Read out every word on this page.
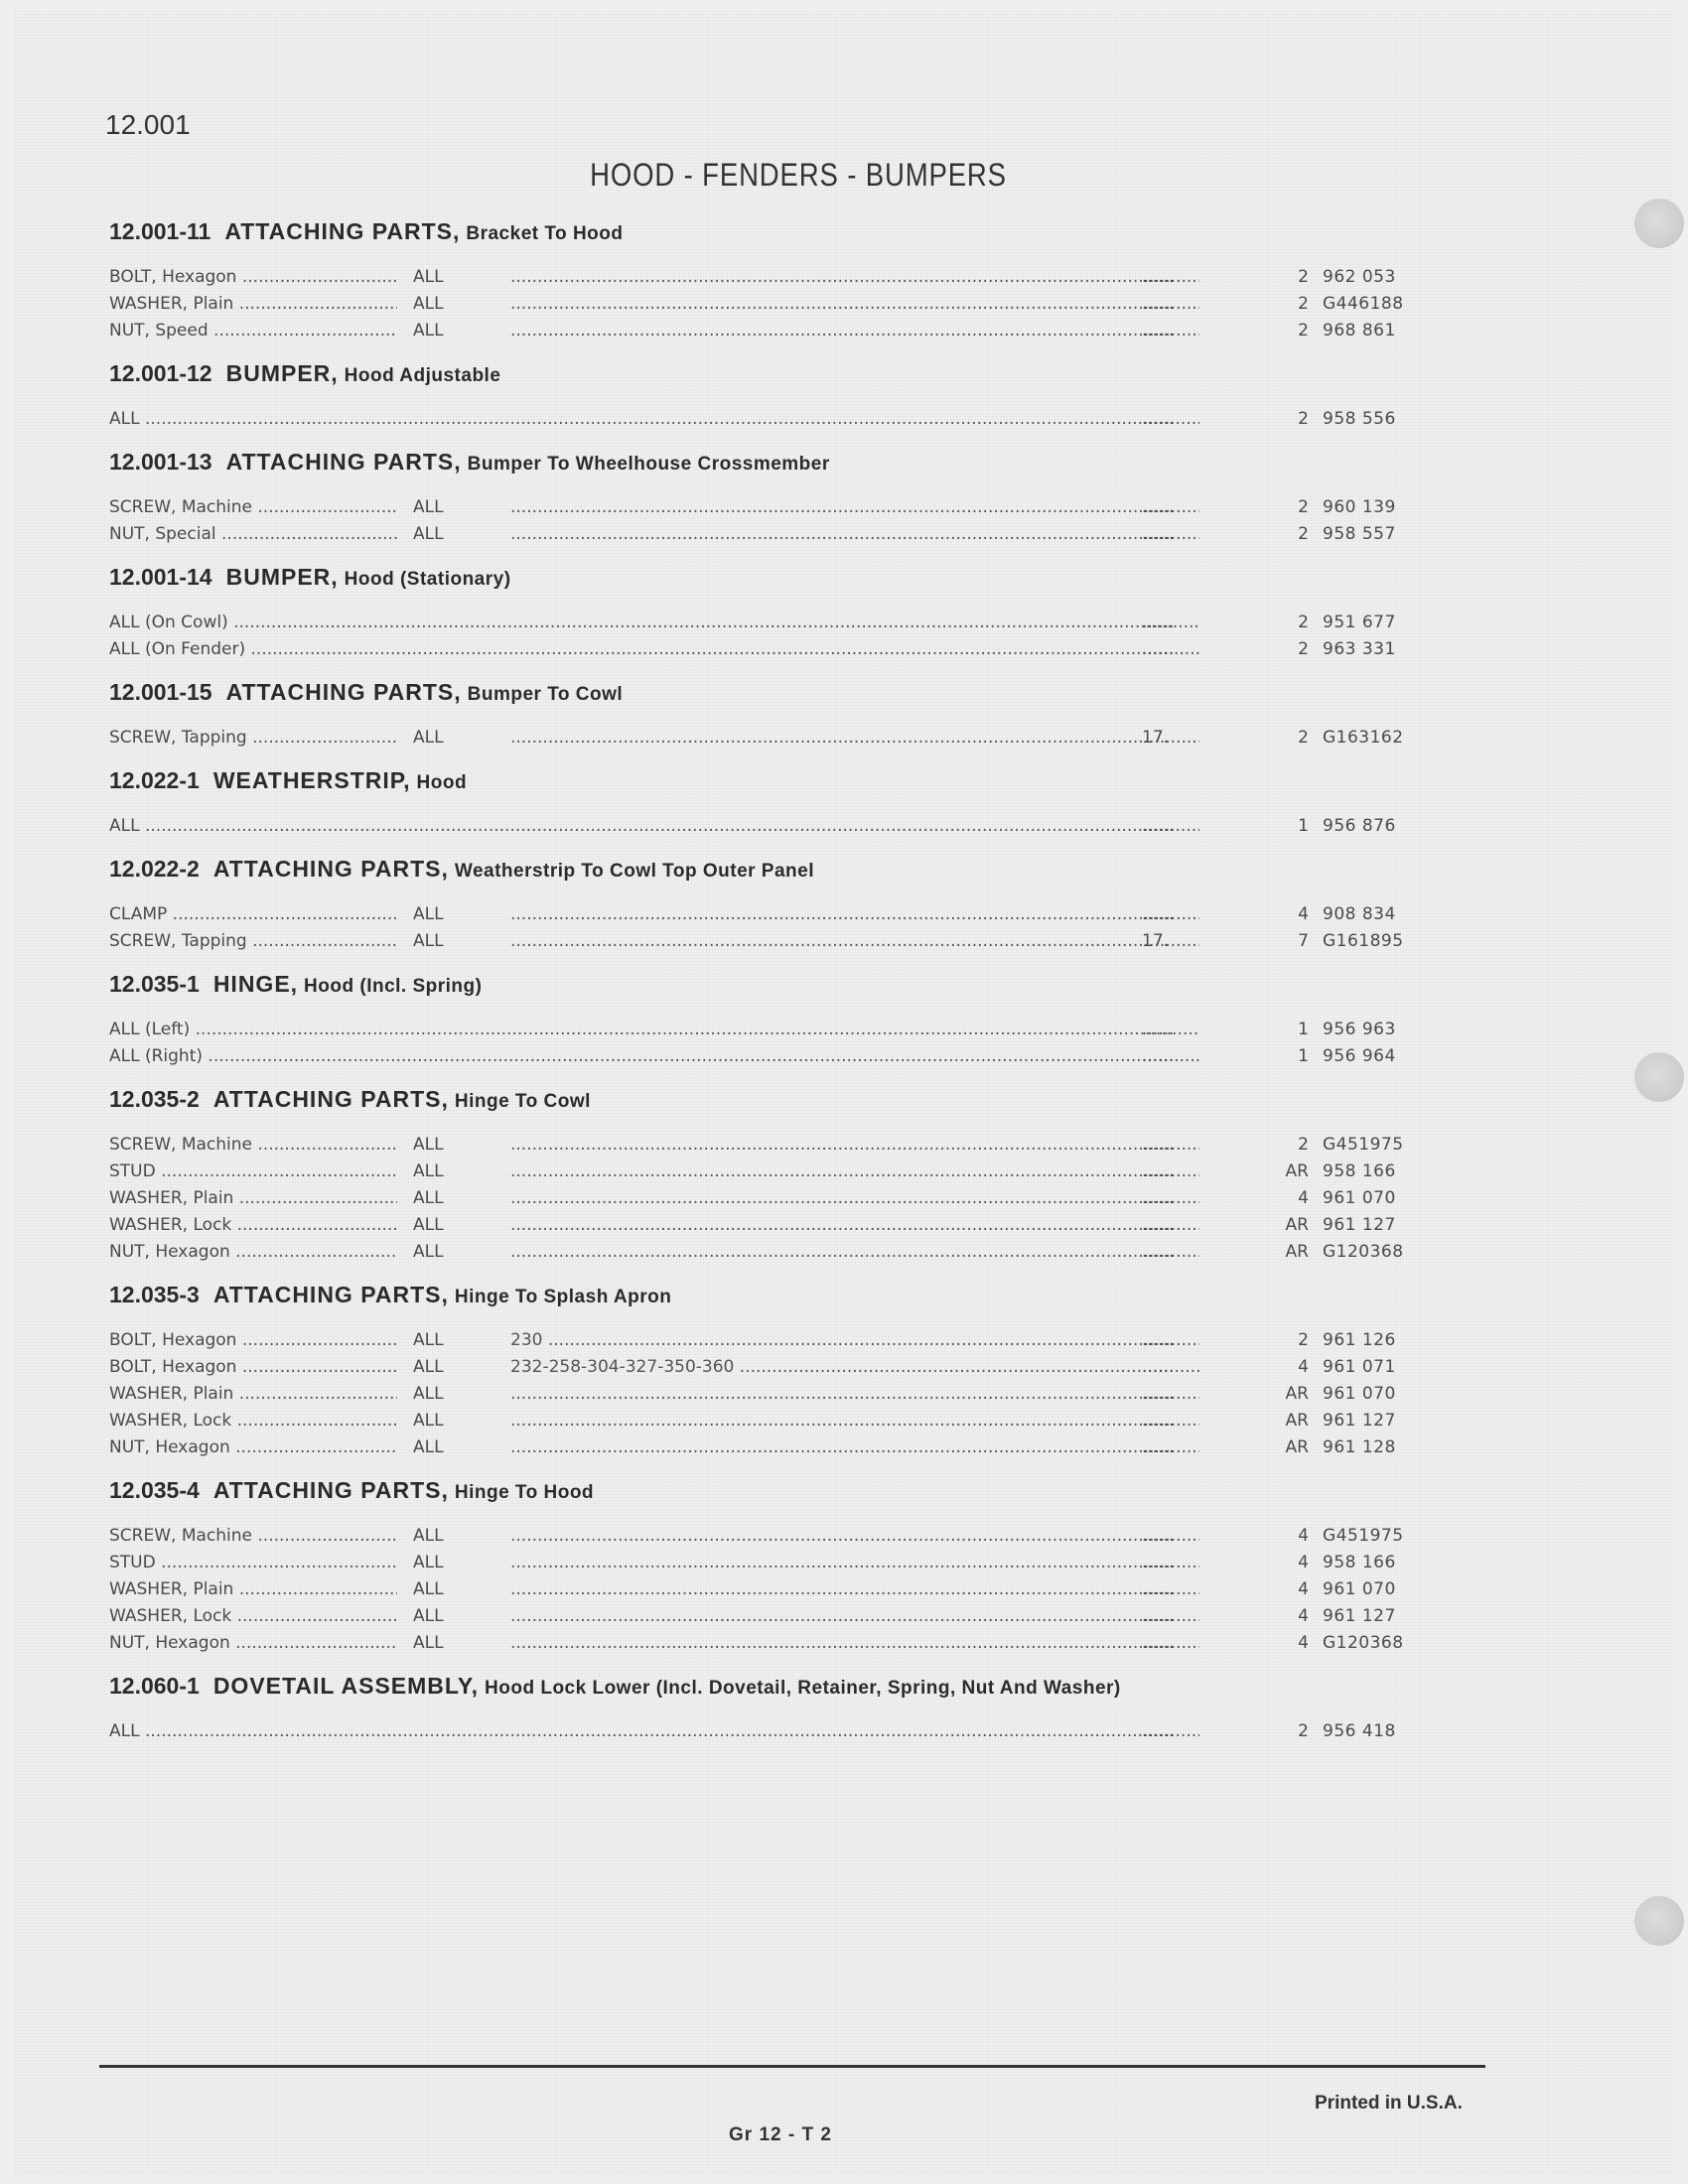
12.001
HOOD - FENDERS - BUMPERS
12.001-11 ATTACHING PARTS, Bracket To Hood
BOLT, Hexagon .....	ALL ..... ......	2 962 053
WASHER, Plain .....	ALL ..... ......	2 G446188
NUT, Speed .....	ALL ..... ......	2 968 861
12.001-12 BUMPER, Hood Adjustable
ALL ..... ......	2 958 556
12.001-13 ATTACHING PARTS, Bumper To Wheelhouse Crossmember
SCREW, Machine .....	ALL ..... ......	2 960 139
NUT, Special .....	ALL ..... ......	2 958 557
12.001-14 BUMPER, Hood (Stationary)
ALL (On Cowl) ..... ......	2 951 677
ALL (On Fender) ..... ......	2 963 331
12.001-15 ATTACHING PARTS, Bumper To Cowl
SCREW, Tapping .....	ALL .....	17.	2 G163162
12.022-1 WEATHERSTRIP, Hood
ALL ..... ......	1 956 876
12.022-2 ATTACHING PARTS, Weatherstrip To Cowl Top Outer Panel
CLAMP .....	ALL ..... ......	4 908 834
SCREW, Tapping .....	ALL .....	17.	7 G161895
12.035-1 HINGE, Hood (Incl. Spring)
ALL (Left) ..... ......	1 956 963
ALL (Right) ..... ......	1 956 964
12.035-2 ATTACHING PARTS, Hinge To Cowl
SCREW, Machine .....	ALL ..... ......	2 G451975
STUD .....	ALL ..... ......	AR 958 166
WASHER, Plain .....	ALL ..... ......	4 961 070
WASHER, Lock .....	ALL ..... ......	AR 961 127
NUT, Hexagon .....	ALL ..... ......	AR G120368
12.035-3 ATTACHING PARTS, Hinge To Splash Apron
BOLT, Hexagon .....	ALL	230 ..... ......	2 961 126
BOLT, Hexagon .....	ALL	232-258-304-327-350-360 ..... ......	4 961 071
WASHER, Plain .....	ALL ..... ......	AR 961 070
WASHER, Lock .....	ALL ..... ......	AR 961 127
NUT, Hexagon .....	ALL ..... ......	AR 961 128
12.035-4 ATTACHING PARTS, Hinge To Hood
SCREW, Machine .....	ALL ..... ......	4 G451975
STUD .....	ALL ..... ......	4 958 166
WASHER, Plain .....	ALL ..... ......	4 961 070
WASHER, Lock .....	ALL ..... ......	4 961 127
NUT, Hexagon .....	ALL ..... ......	4 G120368
12.060-1 DOVETAIL ASSEMBLY, Hood Lock Lower (Incl. Dovetail, Retainer, Spring, Nut And Washer)
ALL ..... ......	2 956 418
Printed in U.S.A.
Gr 12 - T 2
